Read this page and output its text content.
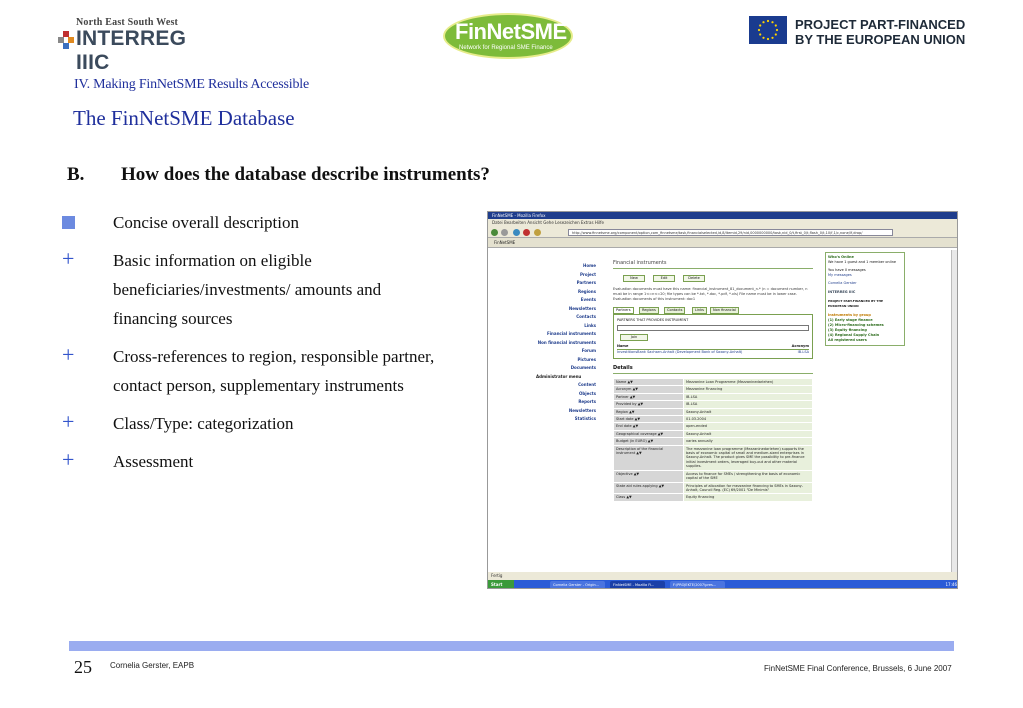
North East South West
INTERREG IIIC
FinNetSME
Network for Regional SME Finance
PROJECT PART-FINANCED
BY THE EUROPEAN UNION
IV. Making FinNetSME Results Accessible
The FinNetSME Database
B. How does the database describe instruments?
Concise overall description
+ Basic information on eligible
beneficiaries/investments/ amounts and
financing sources
+ Cross-references to region, responsible partner,
contact person, supplementary instruments
+ Class/Type: categorization
+ Assessment
FinNetSME - Mozilla Firefox
Datei Bearbeiten Ansicht Gehe Lesezeichen Extras Hilfe
http://www.finnetsme.org/component/option,com_finnetsme/task,financialselected,id,8/Itemid,29/nid,0000000000/task,nid_0/t,first_0/t,flash_0/t,10/f,1/c,none/lf,drop/
FinNetSME
Home
Project
Partners
Regions
Events
Newsletters
Contacts
Links
Financial instruments
Non financial instruments
Forum
Pictures
Documents
Administrator menu
Content
Objects
Reports
Newsletters
Statistics
Financial instruments
New	Edit	Delete
Evaluation documents must have this name: financial_instrument_81_document_n.* (n = document number, n must be in range 1<=n<=20; file types can be *.txt, *.doc, *.pdf, *.xls) File name must be in lower case. Evaluation documents of this instrument: doc1
Partners	Regions	Contacts	Links	Non financial
PARTNERS THAT PROVIDES INSTRUMENT
Join
Name	Acronym
InvestitionsBank Sachsen-Anhalt (Development Bank of Saxony-Anhalt)	IB-LSA
Details
Name ▲▼	Mezzanine Loan Programme (Mezzaninedarlehen)
Acronym ▲▼	Mezzanine Financing
Partner ▲▼	IB-LSA
Provided by ▲▼	IB-LSA
Region ▲▼	Saxony-Anhalt
Start date ▲▼	01.03.2004
End date ▲▼	open-ended
Geographical coverage ▲▼	Saxony-Anhalt
Budget (in EURO) ▲▼	varies annually
Description of the financial instrument ▲▼	The mezzanine loan programme (Mezzaninedarlehen) supports the basis of economic capital of small and medium-sized enterprises in Saxony-Anhalt. The product gives SME the possibility to pre-finance initial investment orders, leveraged buy-out and other material supplies.
Objective ▲▼	Access to finance for SMEs / strengthening the basis of economic capital of the SME
State aid rules applying ▲▼	Principles of allocation for mezzanine financing to SMEs in Saxony-Anhalt, Council Reg. (EC) 69/2001 "De Minimis"
Class ▲▼	Equity financing
Who's Online
We have 1 guest and 1 member online
You have 0 messages
My messages
Cornelia Gerster
INTERREG IIIC
PROJECT PART-FINANCED BY THE EUROPEAN UNION
Instruments by group
(1) Early stage finance
(2) Micro-financing schemes
(3) Equity financing
(4) Regional Supply Chain
All registered users
Fertig
Start	Cornelia Gerster - Origin...	FinNetSME - Mozilla Fi...	F:\PROJEKTE\2007\pres...	17:46
25 Cornelia Gerster, EAPB	FinNetSME Final Conference, Brussels, 6 June 2007
